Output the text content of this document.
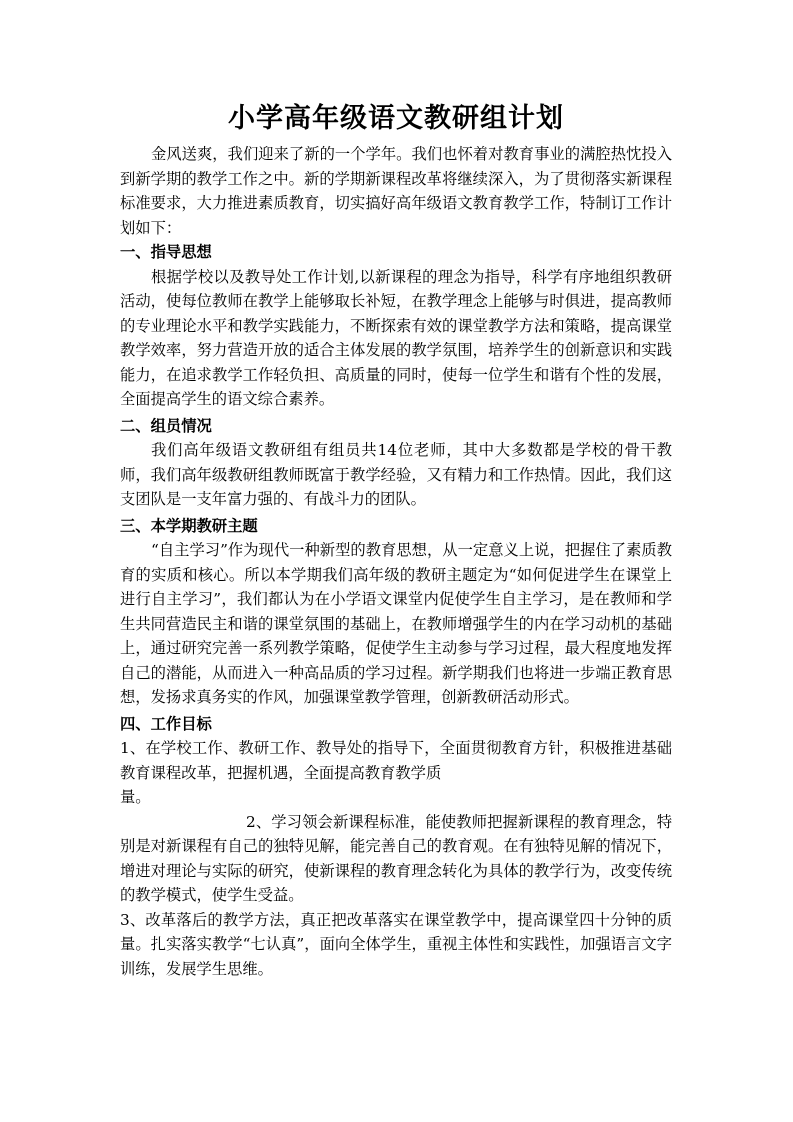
小学高年级语文教研组计划

金风送爽，我们迎来了新的一个学年。我们也怀着对教育事业的满腔热忱投入到新学期的教学工作之中。新的学期新课程改革将继续深入，为了贯彻落实新课程标准要求，大力推进素质教育，切实搞好高年级语文教育教学工作，特制订工作计划如下：

一、指导思想

根据学校以及教导处工作计划,以新课程的理念为指导，科学有序地组织教研活动，使每位教师在教学上能够取长补短，在教学理念上能够与时俱进，提高教师的专业理论水平和教学实践能力，不断探索有效的课堂教学方法和策略，提高课堂教学效率，努力营造开放的适合主体发展的教学氛围，培养学生的创新意识和实践能力，在追求教学工作轻负担、高质量的同时，使每一位学生和谐有个性的发展，全面提高学生的语文综合素养。

二、组员情况

我们高年级语文教研组有组员共14位老师，其中大多数都是学校的骨干教师，我们高年级教研组教师既富于教学经验，又有精力和工作热情。因此，我们这支团队是一支年富力强的、有战斗力的团队。

三、本学期教研主题

“自主学习”作为现代一种新型的教育思想，从一定意义上说，把握住了素质教育的实质和核心。所以本学期我们高年级的教研主题定为“如何促进学生在课堂上进行自主学习”，我们都认为在小学语文课堂内促使学生自主学习，是在教师和学生共同营造民主和谐的课堂氛围的基础上，在教师增强学生的内在学习动机的基础上，通过研究完善一系列教学策略，促使学生主动参与学习过程，最大程度地发挥自己的潜能，从而进入一种高品质的学习过程。新学期我们也将进一步端正教育思想，发扬求真务实的作风，加强课堂教学管理，创新教研活动形式。

四、工作目标

1、在学校工作、教研工作、教导处的指导下，全面贯彻教育方针，积极推进基础教育课程改革，把握机遇，全面提高教育教学质

量。

2、学习领会新课程标准，能使教师把握新课程的教育理念，特别是对新课程有自己的独特见解，能完善自己的教育观。在有独特见解的情况下，增进对理论与实际的研究，使新课程的教育理念转化为具体的教学行为，改变传统的教学模式，使学生受益。

3、改革落后的教学方法，真正把改革落实在课堂教学中，提高课堂四十分钟的质量。扎实落实教学“七认真”，面向全体学生，重视主体性和实践性，加强语言文字训练，发展学生思维。
